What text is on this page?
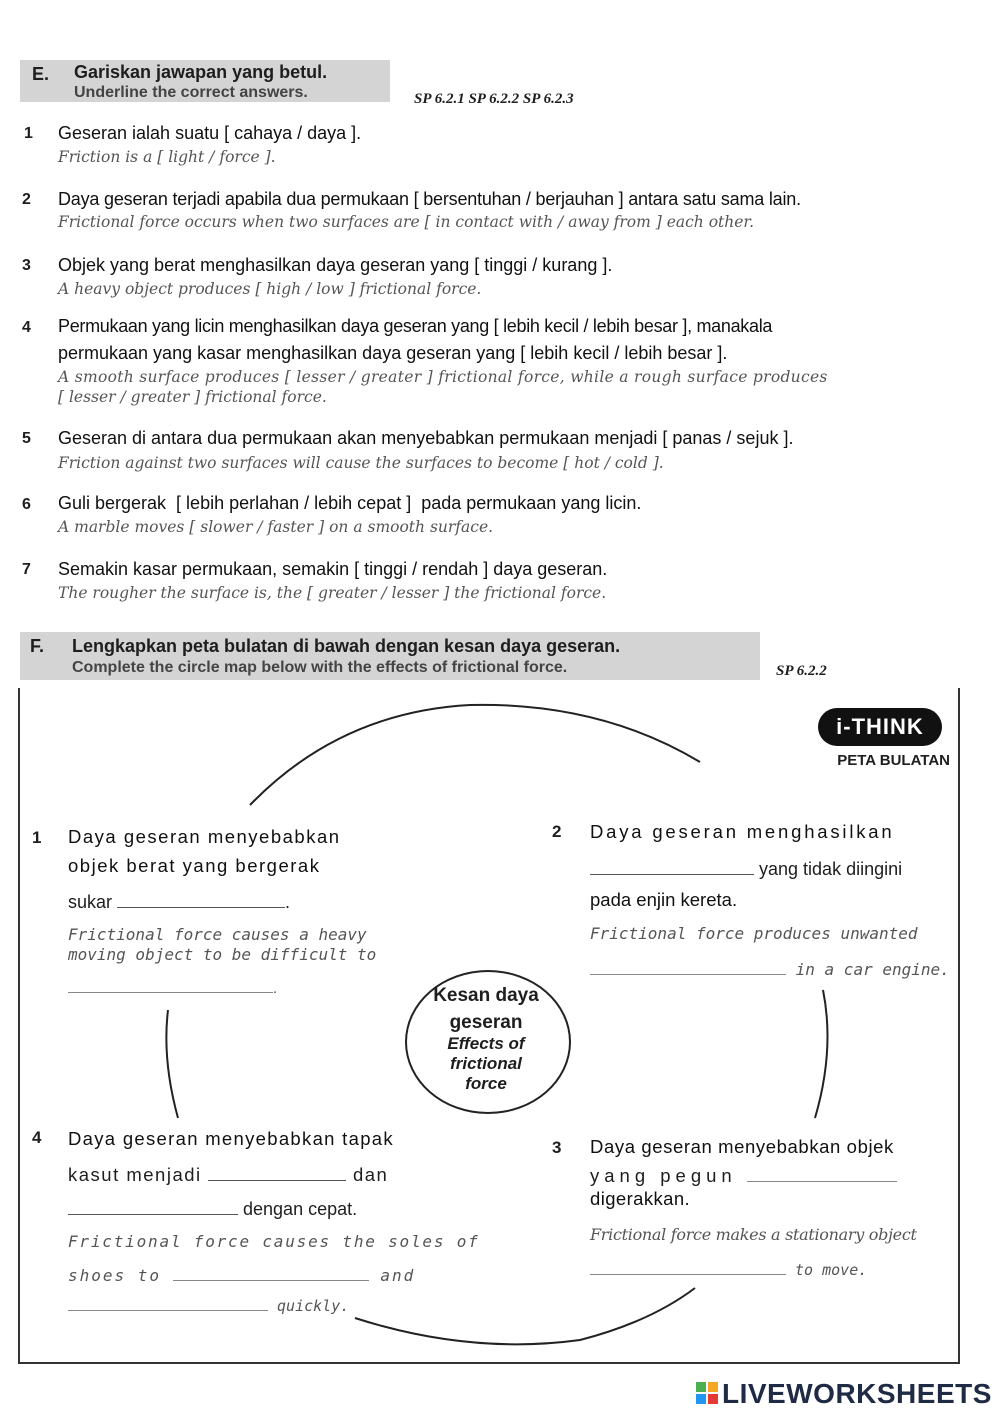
E. Gariskan jawapan yang betul.
Underline the correct answers.	SP 6.2.1 SP 6.2.2 SP 6.2.3
1 Geseran ialah suatu [ cahaya / daya ].
Friction is a [ light / force ].
2 Daya geseran terjadi apabila dua permukaan [ bersentuhan / berjauhan ] antara satu sama lain.
Frictional force occurs when two surfaces are [ in contact with / away from ] each other.
3 Objek yang berat menghasilkan daya geseran yang [ tinggi / kurang ].
A heavy object produces [ high / low ] frictional force.
4 Permukaan yang licin menghasilkan daya geseran yang [ lebih kecil / lebih besar ], manakala
permukaan yang kasar menghasilkan daya geseran yang [ lebih kecil / lebih besar ].
A smooth surface produces [ lesser / greater ] frictional force, while a rough surface produces
[ lesser / greater ] frictional force.
5 Geseran di antara dua permukaan akan menyebabkan permukaan menjadi [ panas / sejuk ].
Friction against two surfaces will cause the surfaces to become [ hot / cold ].
6 Guli bergerak  [ lebih perlahan / lebih cepat ]  pada permukaan yang licin.
A marble moves [ slower / faster ] on a smooth surface.
7 Semakin kasar permukaan, semakin [ tinggi / rendah ] daya geseran.
The rougher the surface is, the [ greater / lesser ] the frictional force.
F. Lengkapkan peta bulatan di bawah dengan kesan daya geseran.
Complete the circle map below with the effects of frictional force.	SP 6.2.2
i-THINK
PETA BULATAN
1 Daya geseran menyebabkan
objek berat yang bergerak
sukar	.
Frictional force causes a heavy
moving object to be difficult to
.
2 Daya geseran menghasilkan
yang tidak diingini
pada enjin kereta.
Frictional force produces unwanted
in a car engine.
Kesan daya
geseran
Effects of
frictional
force
4 Daya geseran menyebabkan tapak
kasut menjadi	dan
dengan cepat.
Frictional force causes the soles of
shoes to	and
quickly.
3 Daya geseran menyebabkan objek
yang pegun
digerakkan.
Frictional force makes a stationary object
to move.
LIVEWORKSHEETS
